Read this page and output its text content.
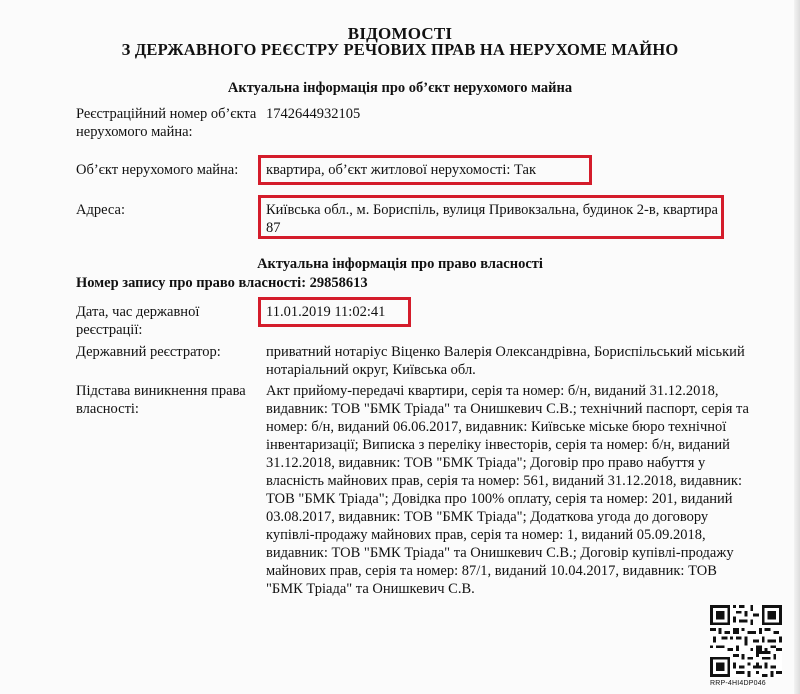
ВІДОМОСТІ
З ДЕРЖАВНОГО РЕЄСТРУ РЕЧОВИХ ПРАВ НА НЕРУХОМЕ МАЙНО
Актуальна інформація про об’єкт нерухомого майна
Реєстраційний номер об’єкта нерухомого майна:
1742644932105
Об’єкт нерухомого майна:	квартира, об’єкт житлової нерухомості: Так
Адреса:	Київська обл., м. Бориспіль, вулиця Привокзальна, будинок 2-в, квартира 87
Актуальна інформація про право власності
Номер запису про право власності: 29858613
Дата, час державної реєстрації:
11.01.2019 11:02:41
Державний реєстратор:	приватний нотаріус Віценко Валерія Олександрівна, Бориспільський міський нотаріальний округ, Київська обл.
Підстава виникнення права власності:
Акт прийому-передачі квартири, серія та номер: б/н, виданий 31.12.2018, видавник: ТОВ "БМК Тріада" та Онишкевич С.В.; технічний паспорт, серія та номер: б/н, виданий 06.06.2017, видавник: Київське міське бюро технічної інвентаризації; Виписка з переліку інвесторів, серія та номер: б/н, виданий 31.12.2018, видавник: ТОВ "БМК Тріада"; Договір про право набуття у власність майнових прав, серія та номер: 561, виданий 31.12.2018, видавник: ТОВ "БМК Тріада"; Довідка про 100% оплату, серія та номер: 201, виданий 03.08.2017, видавник: ТОВ "БМК Тріада"; Додаткова угода до договору купівлі-продажу майнових прав, серія та номер: 1, виданий 05.09.2018, видавник: ТОВ "БМК Тріада" та Онишкевич С.В.; Договір купівлі-продажу майнових прав, серія та номер: 87/1, виданий 10.04.2017, видавник: ТОВ "БМК Тріада" та Онишкевич С.В.
RRP-4HI4DP046
